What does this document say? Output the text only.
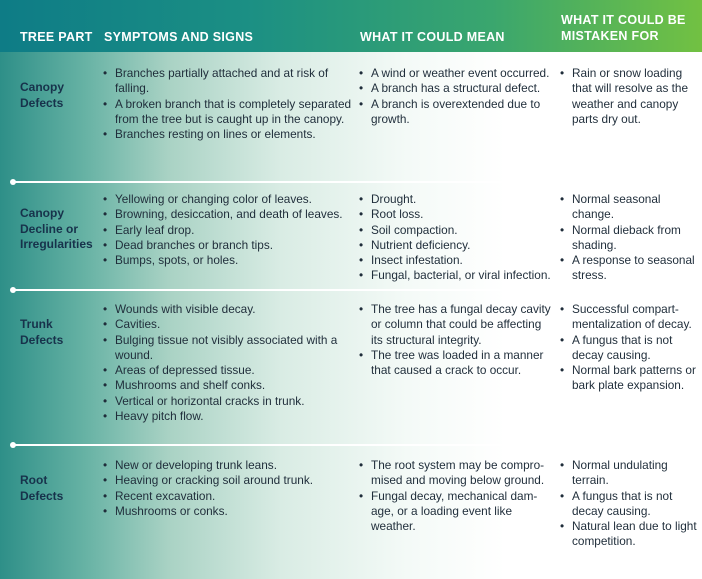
TREE PART SYMPTOMS AND SIGNS	WHAT IT COULD MEAN
WHAT IT COULD BE
MISTAKEN FOR
Canopy
Defects
• Branches partially attached and at risk of falling.
• A broken branch that is completely separated from the tree but is caught up in the canopy.
• Branches resting on lines or elements.
• A wind or weather event occurred.
• A branch has a structural defect.
• A branch is overextended due to growth.
• Rain or snow loading that will resolve as the weather and canopy parts dry out.
Canopy
Decline or
Irregularities
• Yellowing or changing color of leaves.
• Browning, desiccation, and death of leaves.
• Early leaf drop.
• Dead branches or branch tips.
• Bumps, spots, or holes.
• Drought.
• Root loss.
• Soil compaction.
• Nutrient deficiency.
• Insect infestation.
• Fungal, bacterial, or viral infection.
• Normal seasonal change.
• Normal dieback from shading.
• A response to seasonal stress.
Trunk
Defects
• Wounds with visible decay.
• Cavities.
• Bulging tissue not visibly associated with a wound.
• Areas of depressed tissue.
• Mushrooms and shelf conks.
• Vertical or horizontal cracks in trunk.
• Heavy pitch flow.
• The tree has a fungal decay cavity or column that could be affecting its structural integrity.
• The tree was loaded in a manner that caused a crack to occur.
• Successful compart-mentalization of decay.
• A fungus that is not decay causing.
• Normal bark patterns or bark plate expansion.
Root
Defects
• New or developing trunk leans.
• Heaving or cracking soil around trunk.
• Recent excavation.
• Mushrooms or conks.
• The root system may be compro-mised and moving below ground.
• Fungal decay, mechanical dam-age, or a loading event like weather.
• Normal undulating terrain.
• A fungus that is not decay causing.
• Natural lean due to light competition.
